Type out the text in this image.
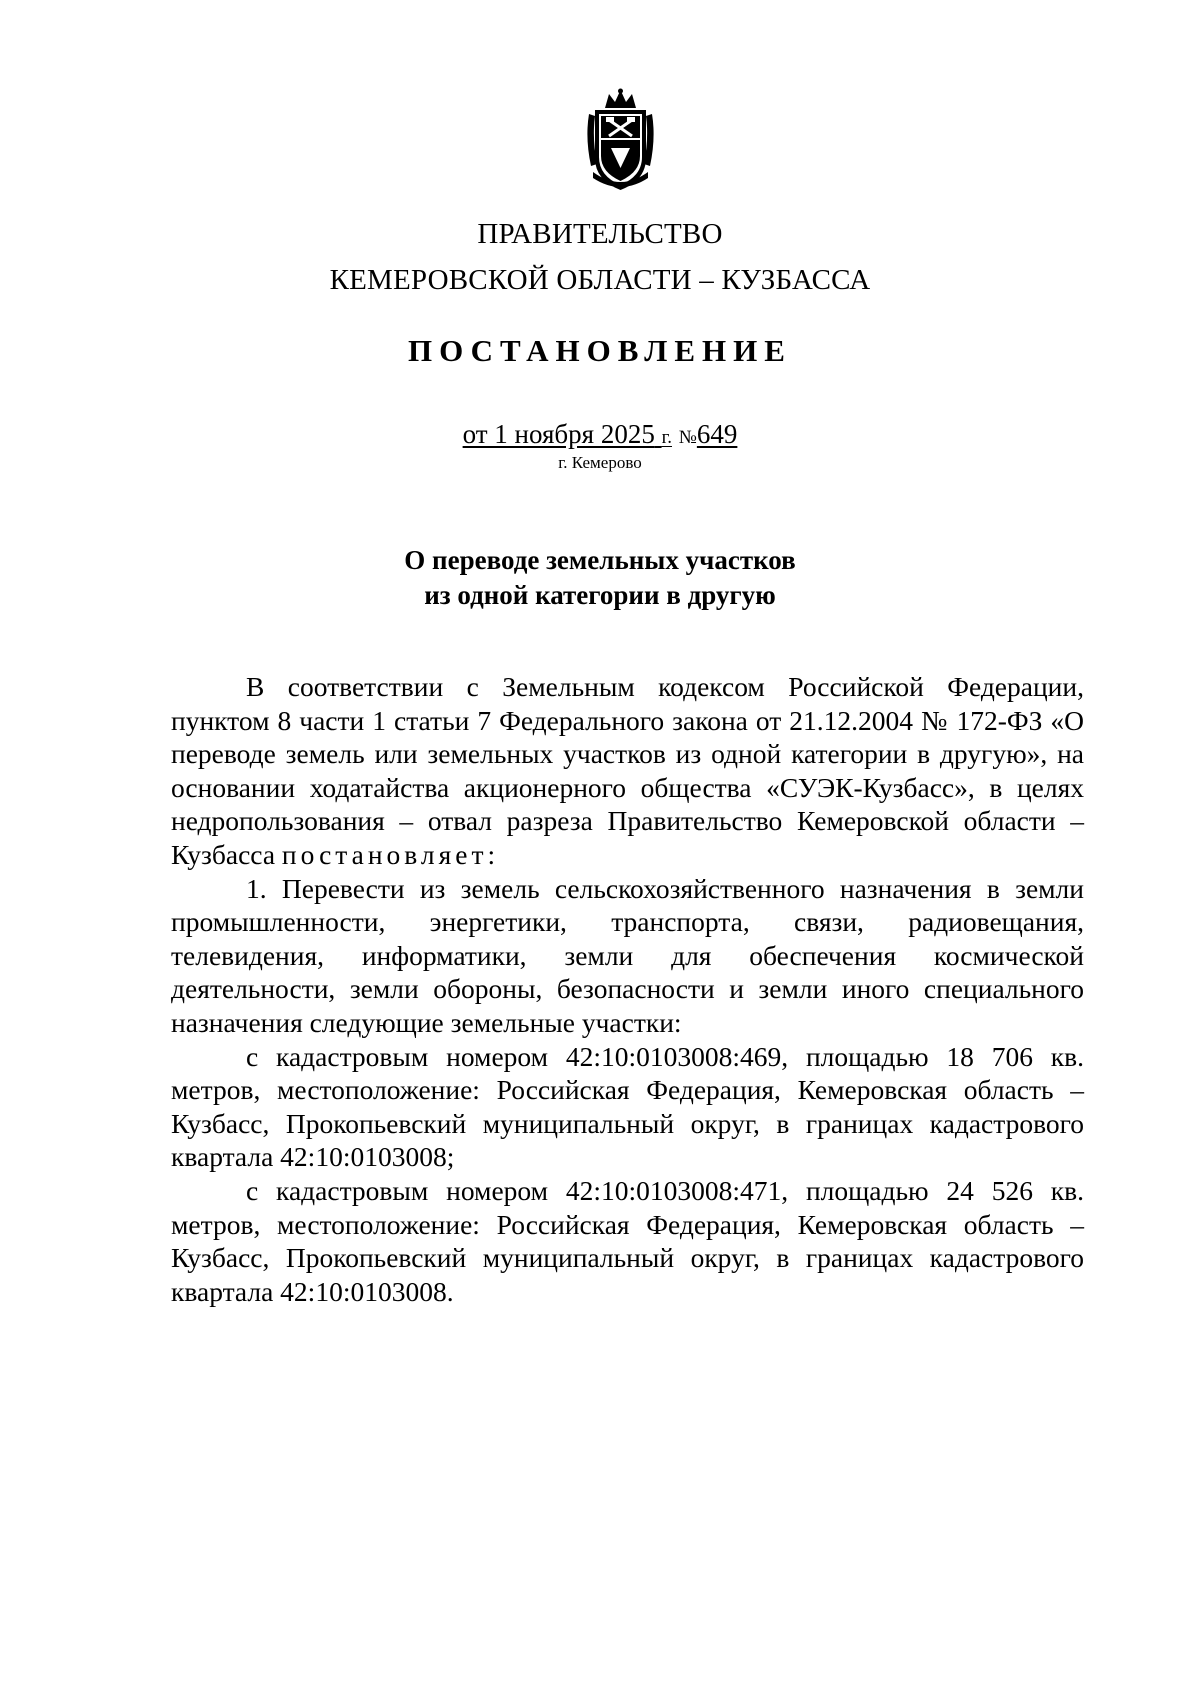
ПРАВИТЕЛЬСТВО
КЕМЕРОВСКОЙ ОБЛАСТИ – КУЗБАССА
ПОСТАНОВЛЕНИЕ
от 1 ноября 2025 г. №649
г. Кемерово
О переводе земельных участков
из одной категории в другую

В соответствии с Земельным кодексом Российской Федерации, пунктом 8 части 1 статьи 7 Федерального закона от 21.12.2004 № 172-ФЗ «О переводе земель или земельных участков из одной категории в другую», на основании ходатайства акционерного общества «СУЭК-Кузбасс», в целях недропользования – отвал разреза Правительство Кемеровской области – Кузбасса постановляет:

1. Перевести из земель сельскохозяйственного назначения в земли промышленности, энергетики, транспорта, связи, радиовещания, телевидения, информатики, земли для обеспечения космической деятельности, земли обороны, безопасности и земли иного специального назначения следующие земельные участки:

с кадастровым номером 42:10:0103008:469, площадью 18 706 кв. метров, местоположение: Российская Федерация, Кемеровская область – Кузбасс, Прокопьевский муниципальный округ, в границах кадастрового квартала 42:10:0103008;

с кадастровым номером 42:10:0103008:471, площадью 24 526 кв. метров, местоположение: Российская Федерация, Кемеровская область – Кузбасс, Прокопьевский муниципальный округ, в границах кадастрового квартала 42:10:0103008.
